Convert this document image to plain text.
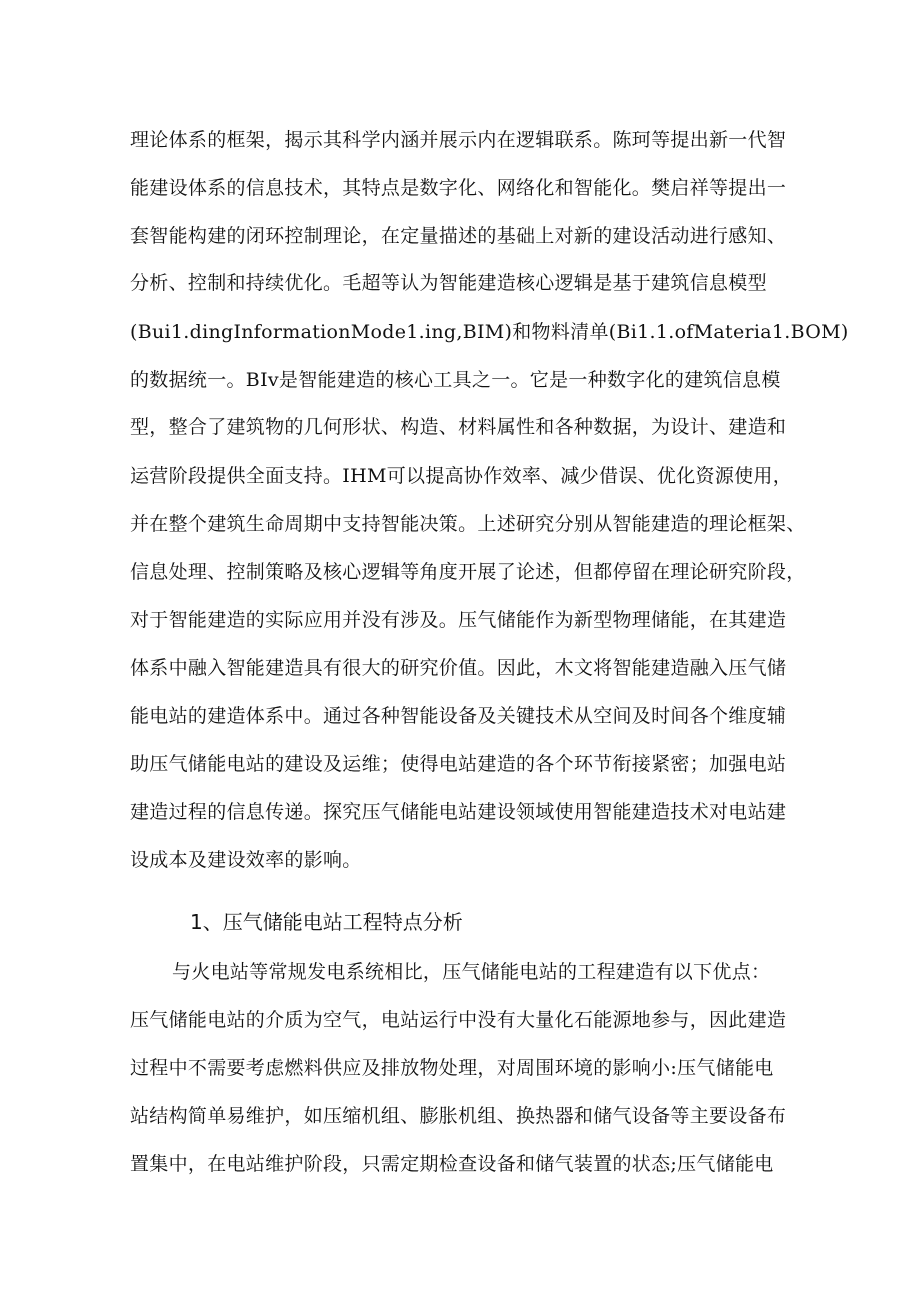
理论体系的框架，揭示其科学内涵并展示内在逻辑联系。陈珂等提出新一代智
能建设体系的信息技术，其特点是数字化、网络化和智能化。樊启祥等提出一
套智能构建的闭环控制理论，在定量描述的基础上对新的建设活动进行感知、
分析、控制和持续优化。毛超等认为智能建造核心逻辑是基于建筑信息模型
(Bui1.dingInformationMode1.ing,BIM)和物料清单(Bi1.1.ofMateria1.BOM)
的数据统一。BIv是智能建造的核心工具之一。它是一种数字化的建筑信息模
型，整合了建筑物的几何形状、构造、材料属性和各种数据，为设计、建造和
运营阶段提供全面支持。IHM可以提高协作效率、减少借误、优化资源使用，
并在整个建筑生命周期中支持智能决策。上述研究分别从智能建造的理论框架、
信息处理、控制策略及核心逻辑等角度开展了论述，但都停留在理论研究阶段，
对于智能建造的实际应用并没有涉及。压气储能作为新型物理储能，在其建造
体系中融入智能建造具有很大的研究价值。因此，木文将智能建造融入压气储
能电站的建造体系中。通过各种智能设备及关键技术从空间及时间各个维度辅
助压气储能电站的建设及运维；使得电站建造的各个环节衔接紧密；加强电站
建造过程的信息传递。探究压气储能电站建设领域使用智能建造技术对电站建
设成本及建设效率的影响。
1、压气储能电站工程特点分析
与火电站等常规发电系统相比，压气储能电站的工程建造有以下优点：
压气储能电站的介质为空气，电站运行中没有大量化石能源地参与，因此建造
过程中不需要考虑燃料供应及排放物处理，对周围环境的影响小:压气储能电
站结构简单易维护，如压缩机组、膨胀机组、换热器和储气设备等主要设备布
置集中，在电站维护阶段，只需定期检查设备和储气装置的状态;压气储能电
